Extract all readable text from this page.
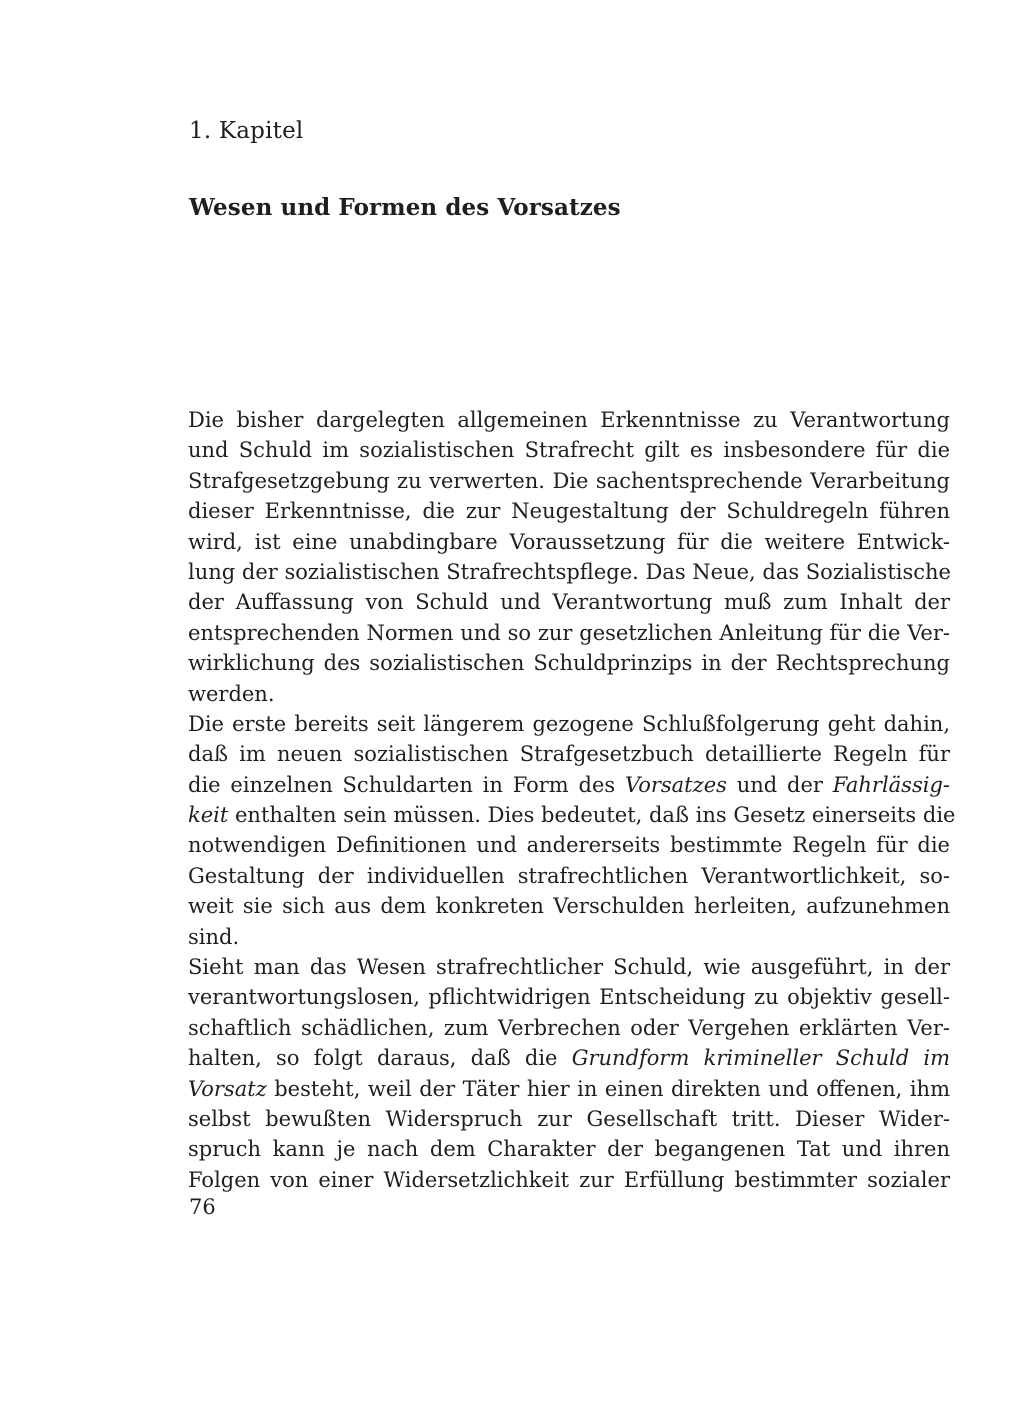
1. Kapitel

Wesen und Formen des Vorsatzes

Die bisher dargelegten allgemeinen Erkenntnisse zu Verantwortung
und Schuld im sozialistischen Strafrecht gilt es insbesondere für die
Strafgesetzgebung zu verwerten. Die sachentsprechende Verarbeitung
dieser Erkenntnisse, die zur Neugestaltung der Schuldregeln führen
wird, ist eine unabdingbare Voraussetzung für die weitere Entwick-
lung der sozialistischen Strafrechtspflege. Das Neue, das Sozialistische
der Auffassung von Schuld und Verantwortung muß zum Inhalt der
entsprechenden Normen und so zur gesetzlichen Anleitung für die Ver-
wirklichung des sozialistischen Schuldprinzips in der Rechtsprechung
werden.

Die erste bereits seit längerem gezogene Schlußfolgerung geht dahin,
daß im neuen sozialistischen Strafgesetzbuch detaillierte Regeln für
die einzelnen Schuldarten in Form des Vorsatzes und der Fahrlässig-
keit enthalten sein müssen. Dies bedeutet, daß ins Gesetz einerseits die
notwendigen Definitionen und andererseits bestimmte Regeln für die
Gestaltung der individuellen strafrechtlichen Verantwortlichkeit, so-
weit sie sich aus dem konkreten Verschulden herleiten, aufzunehmen
sind.

Sieht man das Wesen strafrechtlicher Schuld, wie ausgeführt, in der
verantwortungslosen, pflichtwidrigen Entscheidung zu objektiv gesell-
schaftlich schädlichen, zum Verbrechen oder Vergehen erklärten Ver-
halten, so folgt daraus, daß die Grundform krimineller Schuld im
Vorsatz besteht, weil der Täter hier in einen direkten und offenen, ihm
selbst bewußten Widerspruch zur Gesellschaft tritt. Dieser Wider-
spruch kann je nach dem Charakter der begangenen Tat und ihren
Folgen von einer Widersetzlichkeit zur Erfüllung bestimmter sozialer

76
